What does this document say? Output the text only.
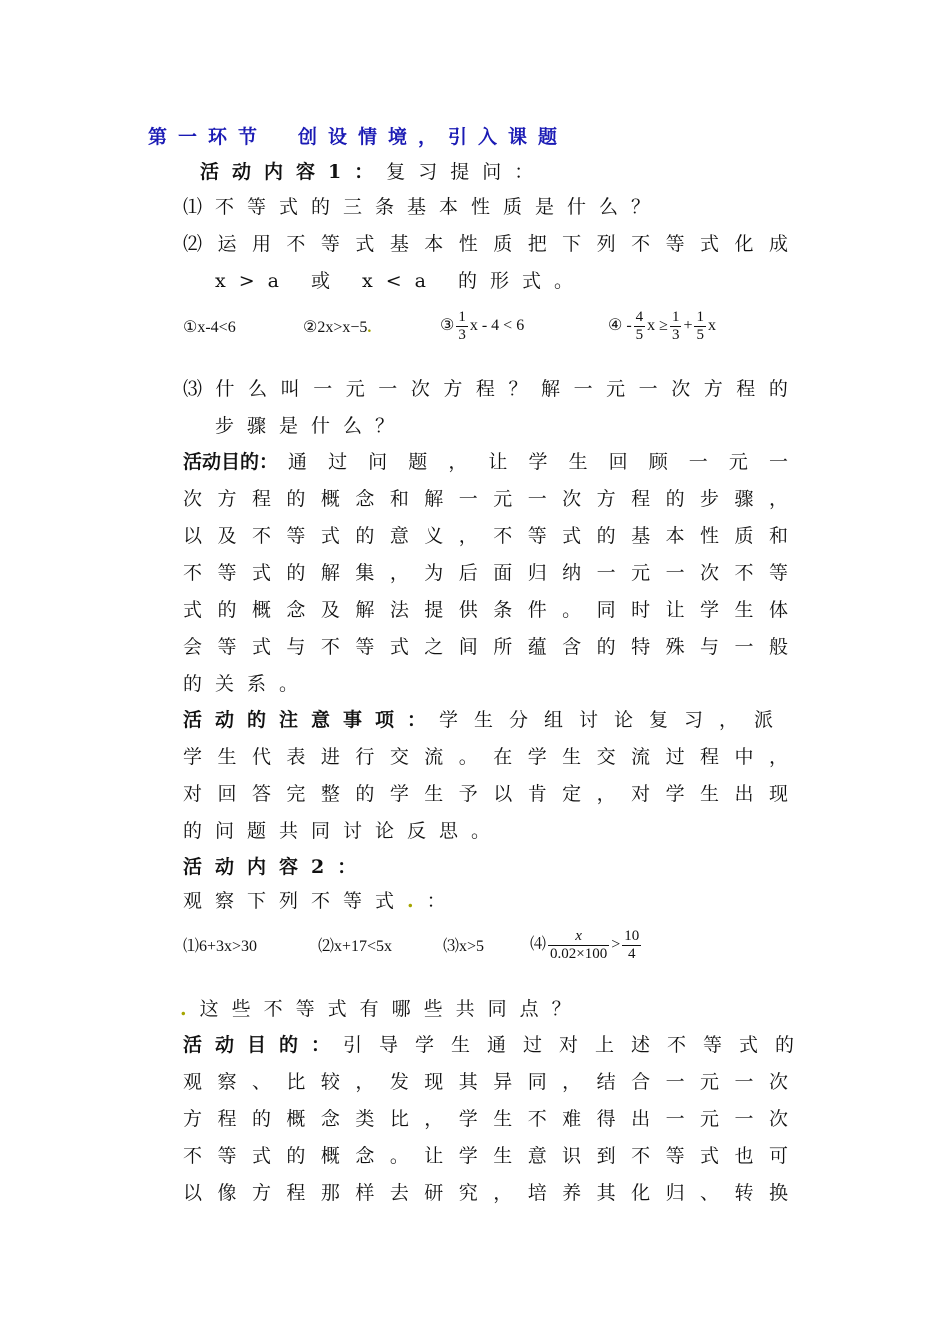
第一环节　创设情境，引入课题
活动内容1：复习提问：
⑴不等式的三条基本性质是什么？
⑵ 运 用 不 等 式 基 本 性 质 把 下 列 不 等 式 化 成
x>a 或 x<a 的形式。
①x-4<6	②2x>x−5.	③ $\frac{1}{3}$ x - 4 < 6	④ - $\frac{4}{5}$ $x \ge \frac{1}{3} + \frac{1}{5}$ x
⑶ 什 么 叫 一 元 一 次 方 程 ？ 解 一 元 一 次 方 程 的
步骤是什么？
活动目的： 通 过 问 题 ， 让 学 生 回 顾 一 元 一
次 方 程 的 概 念 和 解 一 元 一 次 方 程 的 步 骤 ，
以 及 不 等 式 的 意 义 ， 不 等 式 的 基 本 性 质 和
不 等 式 的 解 集 ， 为 后 面 归 纳 一 元 一 次 不 等
式 的 概 念 及 解 法 提 供 条 件 。 同 时 让 学 生 体
会 等 式 与 不 等 式 之 间 所 蕴 含 的 特 殊 与 一 般
的关系。
活动的注意事项： 学生分组讨论复习，派
学 生 代 表 进 行 交 流 。 在 学 生 交 流 过 程 中 ，
对 回 答 完 整 的 学 生 予 以 肯 定 ， 对 学 生 出 现
的问题共同讨论反思。
活动内容2：
观察下列不等式.：
⑴6+3x>30	⑵x+17<5x	⑶x>5	⑷ $\frac{x}{0.02\times 100} > \frac{10}{4}$
.这些不等式有哪些共同点？
活动目的： 引导学生通过对上述不等式的
观 察 、 比 较 ， 发 现 其 异 同 ， 结 合 一 元 一 次
方 程 的 概 念 类 比 ， 学 生 不 难 得 出 一 元 一 次
不 等 式 的 概 念 。 让 学 生 意 识 到 不 等 式 也 可
以 像 方 程 那 样 去 研 究 ， 培 养 其 化 归 、 转 换
